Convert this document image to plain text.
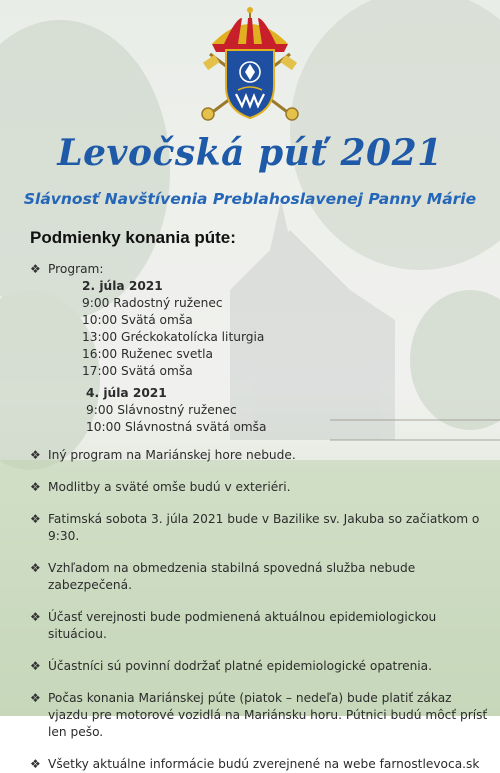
Levočská púť 2021
Slávnosť Navštívenia Preblahoslavenej Panny Márie
Podmienky konania púte:
❖ Program:
2. júla 2021
9:00 Radostný ruženec
10:00 Svätá omša
13:00 Gréckokatolícka liturgia
16:00 Ruženec svetla
17:00 Svätá omša
4. júla 2021
9:00 Slávnostný ruženec
10:00 Slávnostná svätá omša
❖ Iný program na Mariánskej hore nebude.
❖ Modlitby a sväté omše budú v exteriéri.
❖ Fatimská sobota 3. júla 2021 bude v Bazilike sv. Jakuba so začiatkom o 9:30.
❖ Vzhľadom na obmedzenia stabilná spovedná služba nebude zabezpečená.
❖ Účasť verejnosti bude podmienená aktuálnou epidemiologickou situáciou.
❖ Účastníci sú povinní dodržať platné epidemiologické opatrenia.
❖ Počas konania Mariánskej púte (piatok – nedeľa) bude platiť zákaz vjazdu pre motorové vozidlá na Mariánsku horu. Pútnici budú môcť prísť len pešo.
❖ Všetky aktuálne informácie budú zverejnené na webe farnostlevoca.sk
